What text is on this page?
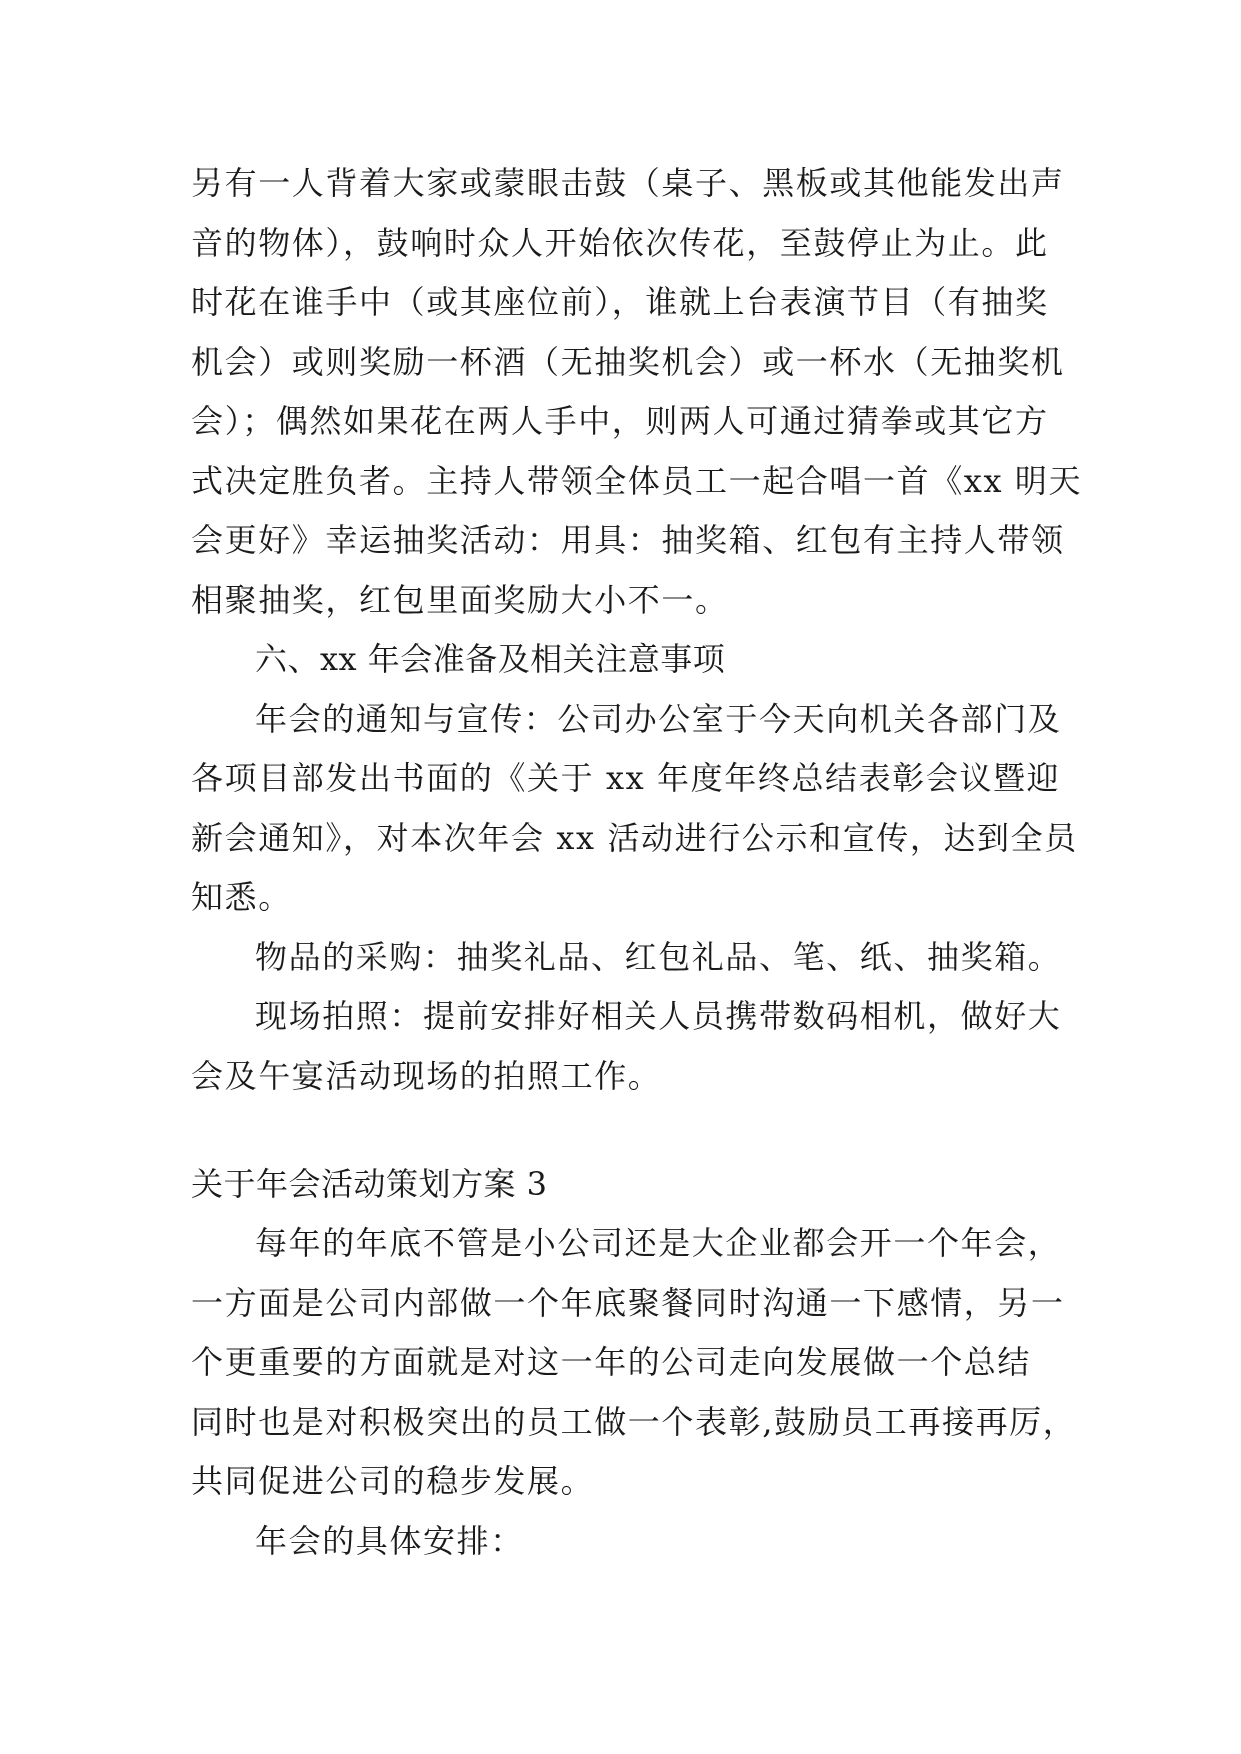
另有一人背着大家或蒙眼击鼓（桌子、黑板或其他能发出声
音的物体），鼓响时众人开始依次传花，至鼓停止为止。此
时花在谁手中（或其座位前），谁就上台表演节目（有抽奖
机会）或则奖励一杯酒（无抽奖机会）或一杯水（无抽奖机
会）；偶然如果花在两人手中，则两人可通过猜拳或其它方
式决定胜负者。主持人带领全体员工一起合唱一首《xx 明天
会更好》幸运抽奖活动：用具：抽奖箱、红包有主持人带领
相聚抽奖，红包里面奖励大小不一。
六、xx 年会准备及相关注意事项
年会的通知与宣传：公司办公室于今天向机关各部门及
各项目部发出书面的《关于 xx 年度年终总结表彰会议暨迎
新会通知》，对本次年会 xx 活动进行公示和宣传，达到全员
知悉。
物品的采购：抽奖礼品、红包礼品、笔、纸、抽奖箱。
现场拍照：提前安排好相关人员携带数码相机，做好大
会及午宴活动现场的拍照工作。
关于年会活动策划方案 3
每年的年底不管是小公司还是大企业都会开一个年会，
一方面是公司内部做一个年底聚餐同时沟通一下感情，另一
个更重要的方面就是对这一年的公司走向发展做一个总结
同时也是对积极突出的员工做一个表彰,鼓励员工再接再厉，
共同促进公司的稳步发展。
年会的具体安排：
